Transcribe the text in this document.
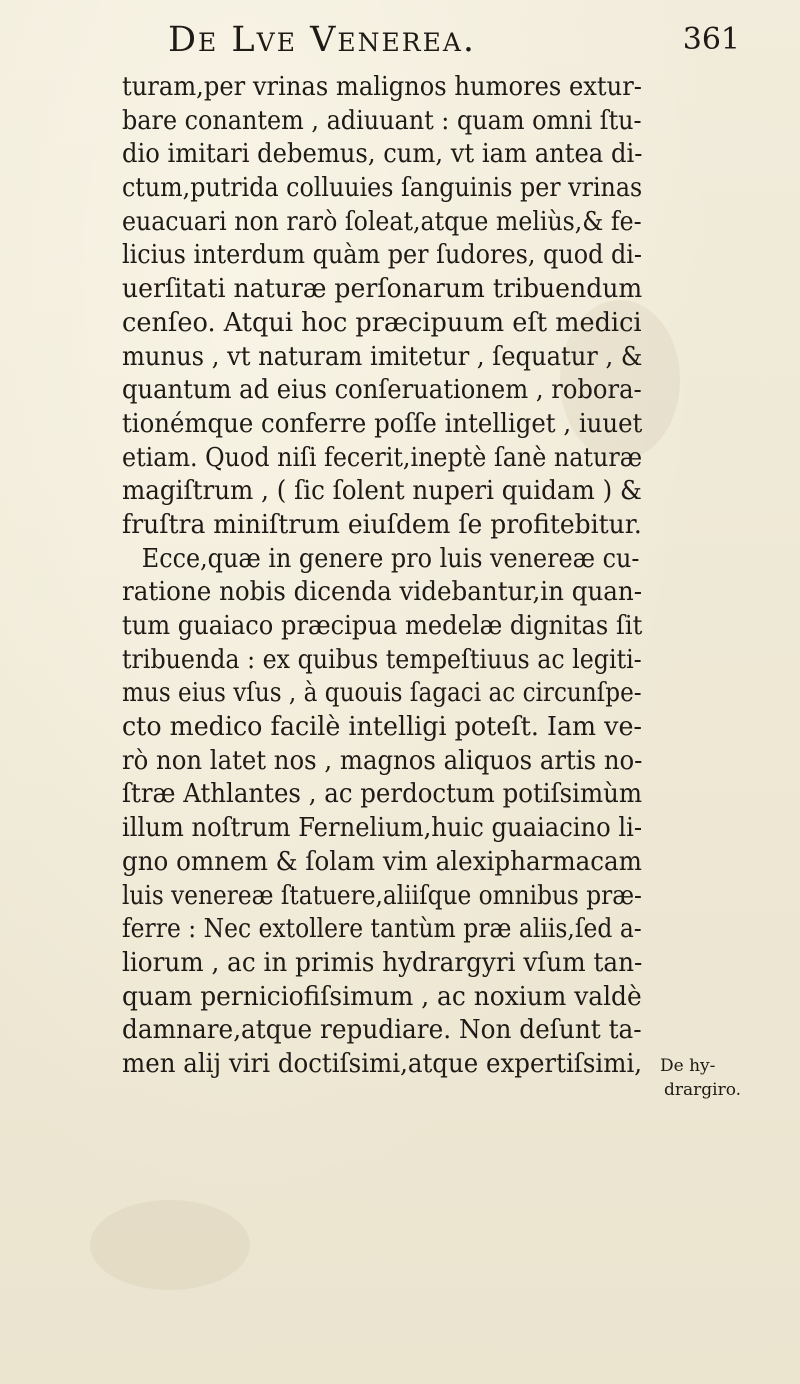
De Lve Venerea.	361
turam,per vrinas malignos humores extur-
bare conantem , adiuuant : quam omni ſtu-
dio imitari debemus, cum, vt iam antea di-
ctum,putrida colluuies ſanguinis per vrinas
euacuari non rarò ſoleat,atque meliùs,& fe-
licius interdum quàm per ſudores, quod di-
uerſitati naturæ perſonarum tribuendum
cenſeo. Atqui hoc præcipuum eſt medici
munus , vt naturam imitetur , ſequatur , &
quantum ad eius conſeruationem , robora-
tionémque conferre poſſe intelliget , iuuet
etiam. Quod niſi fecerit,ineptè ſanè naturæ
magiſtrum , ( ſic ſolent nuperi quidam ) &
fruſtra miniſtrum eiuſdem ſe profitebitur.
Ecce,quæ in genere pro luis venereæ cu-
ratione nobis dicenda videbantur,in quan-
tum guaiaco præcipua medelæ dignitas ſit
tribuenda : ex quibus tempeſtiuus ac legiti-
mus eius vſus , à quouis ſagaci ac circunſpe-
cto medico facilè intelligi poteſt. Iam ve-
rò non latet nos , magnos aliquos artis no-
ſtræ Athlantes , ac perdoctum potiſsimùm
illum noſtrum Fernelium,huic guaiacino li-
gno omnem & ſolam vim alexipharmacam
luis venereæ ſtatuere,aliiſque omnibus præ-
ferre : Nec extollere tantùm præ aliis,ſed a-
liorum , ac in primis hydrargyri vſum tan-
quam perniciofiſsimum , ac noxium valdè
damnare,atque repudiare. Non deſunt ta-
men alij viri doctiſsimi,atque expertiſsimi, De hy-
drargiro.
